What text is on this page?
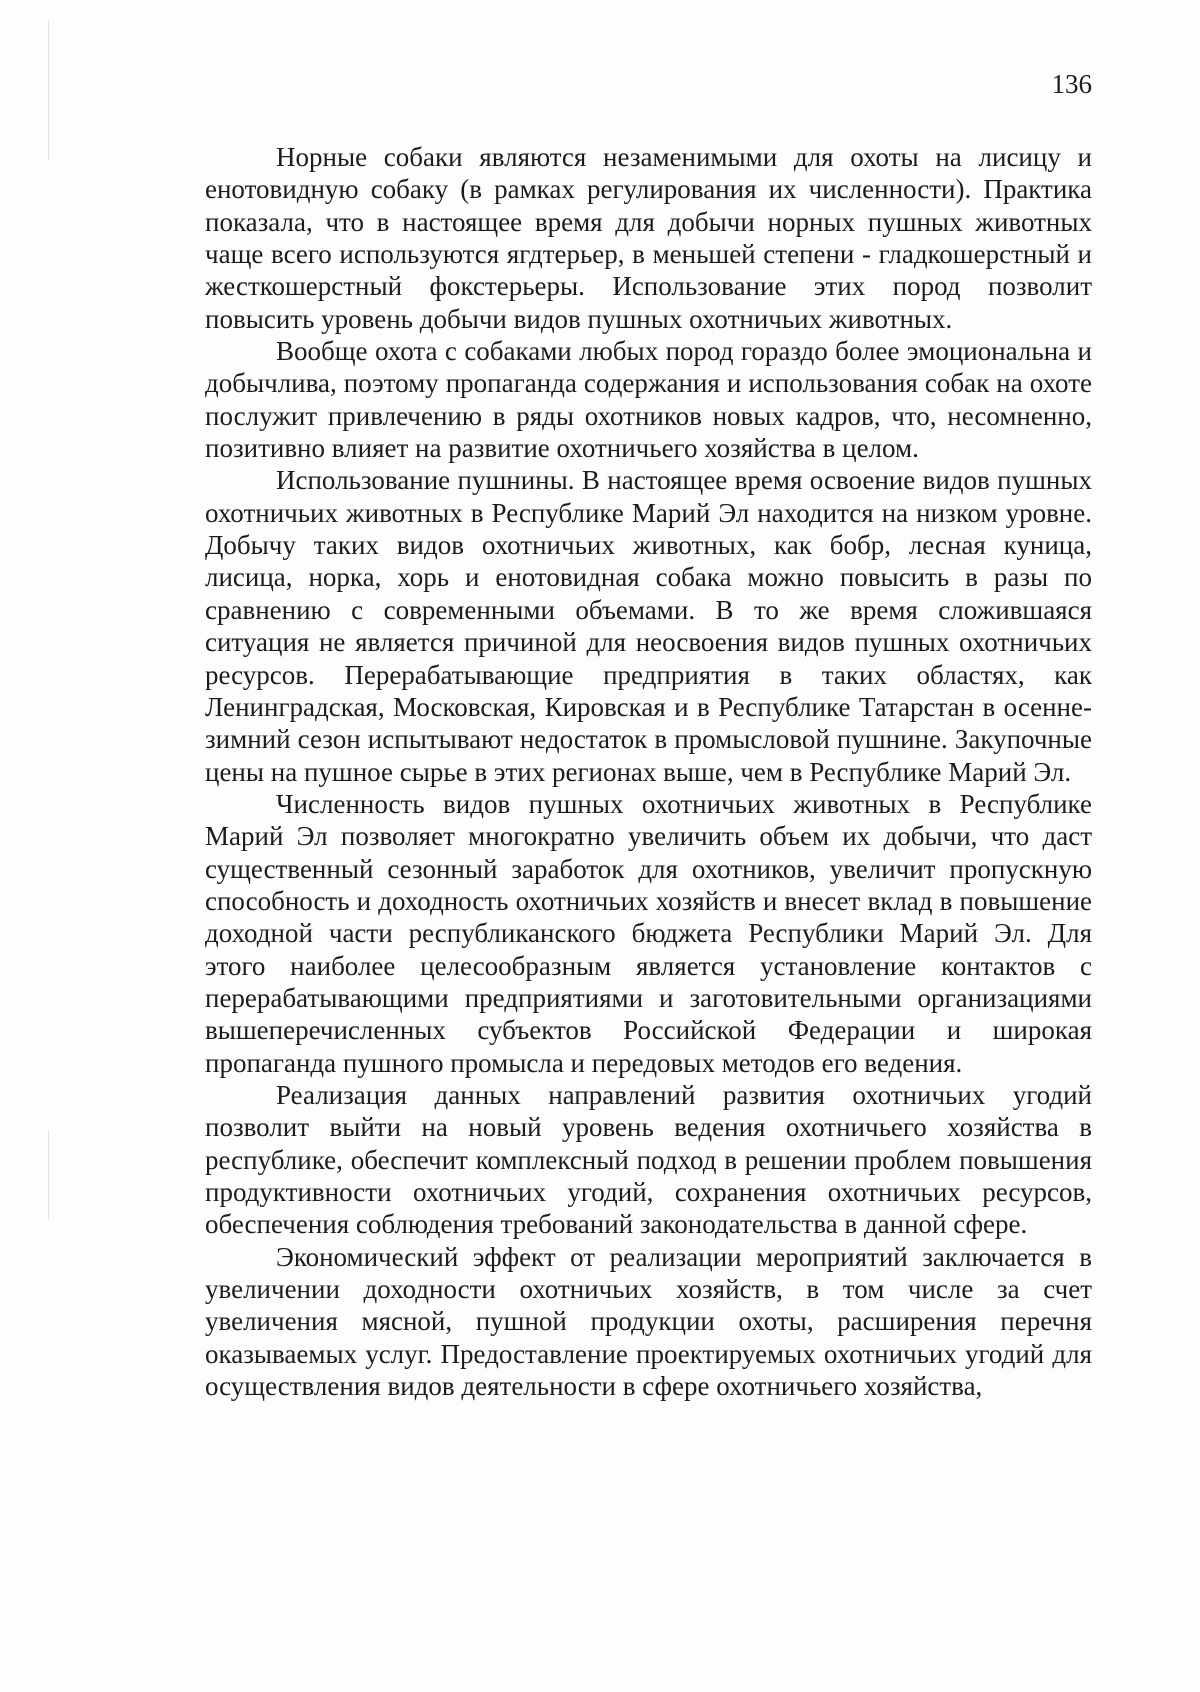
136

Норные собаки являются незаменимыми для охоты на лисицу и енотовидную собаку (в рамках регулирования их численности). Практика показала, что в настоящее время для добычи норных пушных животных чаще всего используются ягдтерьер, в меньшей степени - гладкошерстный и жесткошерстный фокстерьеры. Использование этих пород позволит повысить уровень добычи видов пушных охотничьих животных.

Вообще охота с собаками любых пород гораздо более эмоциональна и добычлива, поэтому пропаганда содержания и использования собак на охоте послужит привлечению в ряды охотников новых кадров, что, несомненно, позитивно влияет на развитие охотничьего хозяйства в целом.

Использование пушнины. В настоящее время освоение видов пушных охотничьих животных в Республике Марий Эл находится на низком уровне. Добычу таких видов охотничьих животных, как бобр, лесная куница, лисица, норка, хорь и енотовидная собака можно повысить в разы по сравнению с современными объемами. В то же время сложившаяся ситуация не является причиной для неосвоения видов пушных охотничьих ресурсов. Перерабатывающие предприятия в таких областях, как Ленинградская, Московская, Кировская и в Республике Татарстан в осенне-зимний сезон испытывают недостаток в промысловой пушнине. Закупочные цены на пушное сырье в этих регионах выше, чем в Республике Марий Эл.

Численность видов пушных охотничьих животных в Республике Марий Эл позволяет многократно увеличить объем их добычи, что даст существенный сезонный заработок для охотников, увеличит пропускную способность и доходность охотничьих хозяйств и внесет вклад в повышение доходной части республиканского бюджета Республики Марий Эл. Для этого наиболее целесообразным является установление контактов с перерабатывающими предприятиями и заготовительными организациями вышеперечисленных субъектов Российской Федерации и широкая пропаганда пушного промысла и передовых методов его ведения.

Реализация данных направлений развития охотничьих угодий позволит выйти на новый уровень ведения охотничьего хозяйства в республике, обеспечит комплексный подход в решении проблем повышения продуктивности охотничьих угодий, сохранения охотничьих ресурсов, обеспечения соблюдения требований законодательства в данной сфере.

Экономический эффект от реализации мероприятий заключается в увеличении доходности охотничьих хозяйств, в том числе за счет увеличения мясной, пушной продукции охоты, расширения перечня оказываемых услуг. Предоставление проектируемых охотничьих угодий для осуществления видов деятельности в сфере охотничьего хозяйства,
